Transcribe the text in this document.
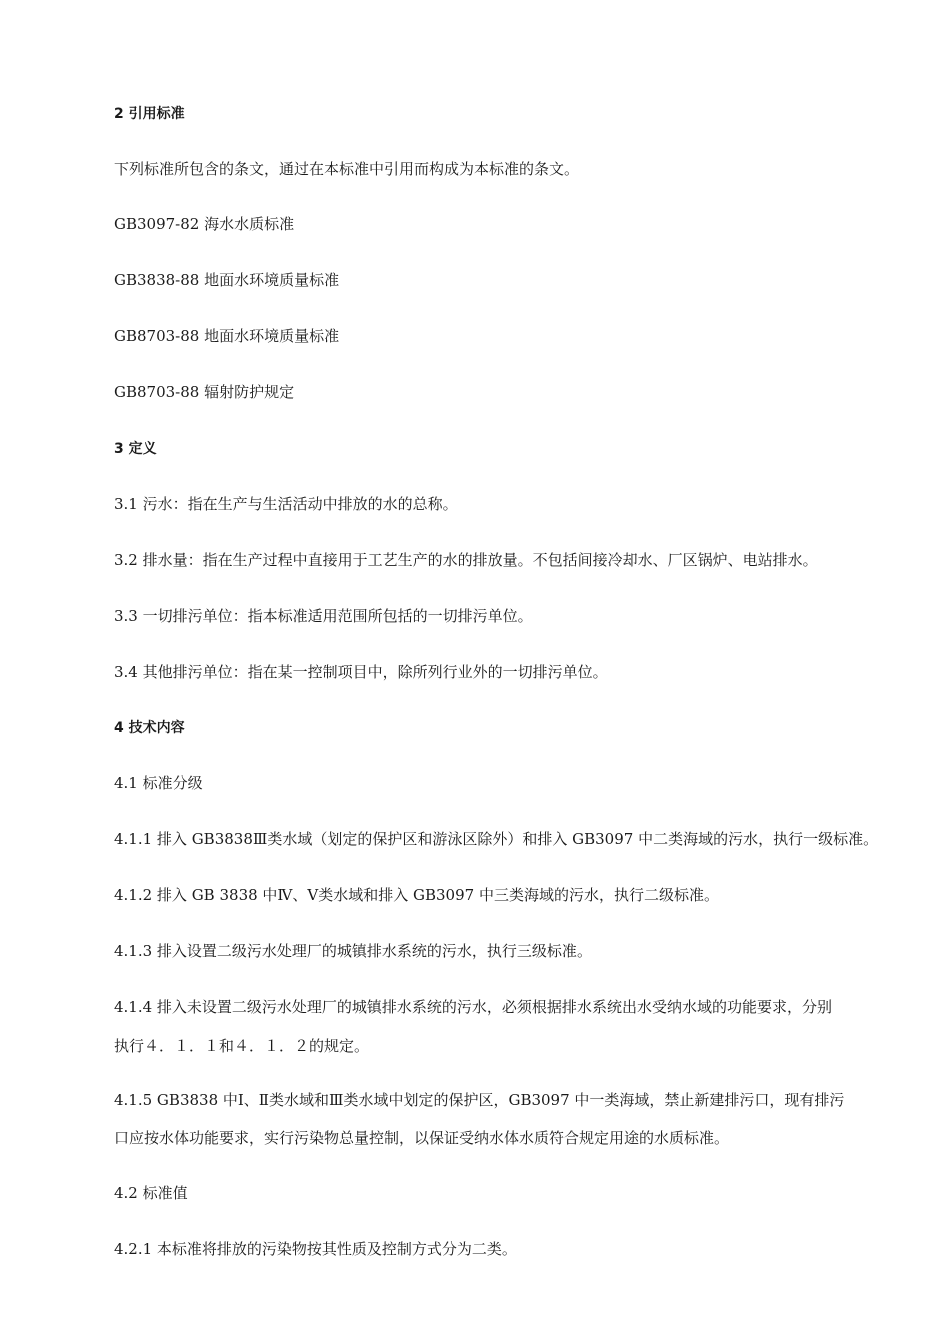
2 引用标准
下列标准所包含的条文，通过在本标准中引用而构成为本标准的条文。
GB3097-82 海水水质标准
GB3838-88 地面水环境质量标准
GB8703-88 地面水环境质量标准
GB8703-88 辐射防护规定
3 定义
3.1 污水：指在生产与生活活动中排放的水的总称。
3.2 排水量：指在生产过程中直接用于工艺生产的水的排放量。不包括间接冷却水、厂区锅炉、电站排水。
3.3 一切排污单位：指本标准适用范围所包括的一切排污单位。
3.4 其他排污单位：指在某一控制项目中，除所列行业外的一切排污单位。
4 技术内容
4.1 标准分级
4.1.1 排入 GB3838Ⅲ类水域（划定的保护区和游泳区除外）和排入 GB3097 中二类海域的污水，执行一级标准。
4.1.2 排入 GB 3838 中Ⅳ、Ⅴ类水域和排入 GB3097 中三类海域的污水，执行二级标准。
4.1.3 排入设置二级污水处理厂的城镇排水系统的污水，执行三级标准。
4.1.4 排入未设置二级污水处理厂的城镇排水系统的污水，必须根据排水系统出水受纳水域的功能要求，分别
执行４．１．１和４．１．２的规定。
4.1.5 GB3838 中Ⅰ、Ⅱ类水域和Ⅲ类水域中划定的保护区，GB3097 中一类海域，禁止新建排污口，现有排污
口应按水体功能要求，实行污染物总量控制，以保证受纳水体水质符合规定用途的水质标准。
4.2 标准值
4.2.1 本标准将排放的污染物按其性质及控制方式分为二类。
